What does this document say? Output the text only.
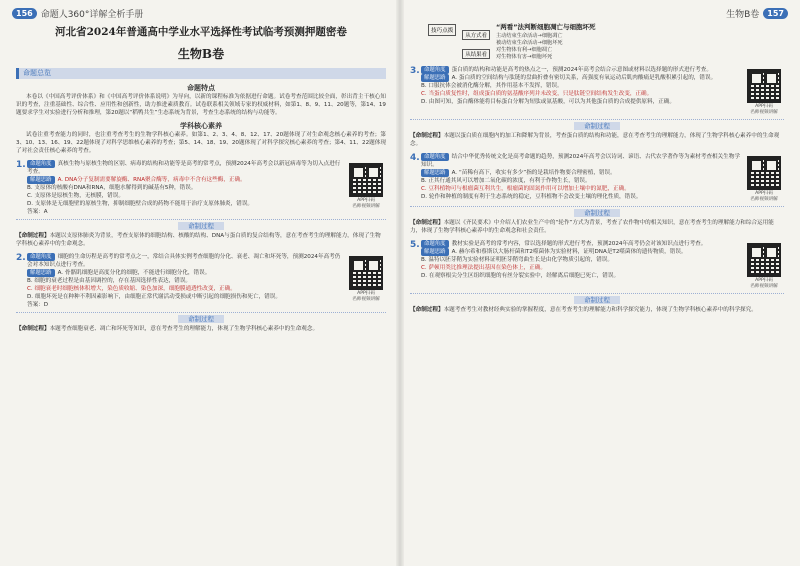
156 命题人360°详解全析手册
河北省2024年普通高中学业水平选择性考试临考预测押题密卷
生物B卷
命题总览
命题特点
本卷以《中国高考评价体系》和《中国高考评价体系说明》为导向，以新的课程标准为依据进行命题。试卷考查范围比较全面，彰出背主干核心知识的考查，注重基础性、综合性、应用性和创新性，助力推进素质教育。试卷联系相关领域专家的权威材料，如第1、8、9、11、20题等，第14、19题要求学生对实验进行分析和推理，第20题以“稻鸭共生”生态系统为背景，考查生态系统的结构与功能等。
学科核心素养
试卷注重考查能力的同时，也注重考查考生的生物学科核心素养。如第1、2、3、4、8、12、17、20题体现了对生命观念核心素养的考查；第3、10、13、16、19、22题体现了对科学思维核心素养的考查；第5、14、18、19、20题体现了对科学探究核心素养的考查；第4、11、22题体现了对社会责任核心素养的考查。
1. 命题角度 真核生物与原核生物的区别、病毒的结构和功能等是高考的常考点，预测2024年高考会以新冠病毒等为切入点进行考查。
解题思路 A. DNA分子复制需要解旋酶、RNA聚合酶等，病毒中不含有这些酶，正确。
B. 支原体的核酸有DNA和RNA，细胞水解得到的碱基有5种，错误。
C. 支原体是原核生物，无核膜，错误。
D. 支原体是无细胞壁的原核生物，抑制细胞壁合成的药物不能用于治疗支原体肺炎，错误。
答案：A
APP扫码
名师视频讲解
命制过程
【命制过程】本题以支原体肺炎为背景，考查支原体的细胞结构、核酸的结构、DNA与蛋白质的复合结构等，意在考查考生的理解能力，体现了生物学科核心素养中的生命观念。
2. 命题角度 细胞的生命历程是高考的常考点之一，常结合具体实例考查细胞的分化、衰老、凋亡和坏死等，预测2024年高考仍会对本知识点进行考查。
解题思路 A. 骨骼肌细胞是高度分化的细胞，不能进行细胞分化，错误。
B. 细胞的衰老过程是由基因调控的，存在基因选择性表达，错误。
C. 细胞衰老时细胞核体积增大，染色质收缩、染色加深，细胞膜通透性改变，正确。
D. 细胞坏死是在种种不利因素影响下，由细胞正常代谢活动受损或中断引起的细胞损伤和死亡，错误。
答案：D
APP扫码
名师视频讲解
命制过程
【命制过程】本题考查细胞衰老、凋亡和坏死等知识，意在考查考生的理解能力，体现了生物学科核心素养中的生命观念。
生物B卷	157
技巧点拨
从方式看
从结果看
“两看”法判断细胞凋亡与细胞坏死
主动结束生命活动→细胞凋亡
被动结束生命活动→细胞坏死
对生物体有利→细胞凋亡
对生物体有害→细胞坏死
3. 命题角度 蛋白质的结构和功能是高考的热点之一，预测2024年高考会结合示意图或材料以选择题的形式进行考查。
解题思路 A. 蛋白质的空间结构与肽链的盘曲折叠有密切关系，高强度有氧运动后肌肉酸痛是乳酸积累引起的，错误。
B. 口服抗体会被消化酶分解，其作用基本不发挥，错误。
C. 当蛋白质复性时，组成蛋白质的氨基酸序列并未改变，只是肽链空间结构发生改变，正确。
D. 由图可知，蛋白酶体能将目标蛋白分解为短肽或氨基酸，可以为其他蛋白质的合成提供原料，正确。
APP扫码
名师视频讲解
命制过程
【命制过程】本题以蛋白质在细胞内的加工和降解为背景，考查蛋白质的结构和功能，意在考查考生的理解能力，体现了生物学科核心素养中的生命观念。
4. 命题角度 结合中华优秀传统文化是高考命题的趋势，预测2024年高考会以诗词、谚语、古代农学著作等为素材考查相关生物学知识。
解题思路 A. “苗稀有高下，收实有多少”指的是栽培作物要合理密植，错误。
B. 正其行通其风可以增加二氧化碳的浓度，有利于作物生长，错误。
C. 豆科植物可与根瘤菌互利共生，根瘤菌的固氮作用可以增加土壤中的氮肥，正确。
D. 轮作和种植的制度有利于生态系统的稳定，豆科植物不会改变土壤的理化性质，错误。
APP扫码
名师视频讲解
命制过程
【命制过程】本题以《齐民要术》中介绍人们农业生产中的“轮作”方式为背景，考查了农作物中的相关知识，意在考查考生的理解能力和综合运用能力，体现了生物学科核心素养中的生命观念和社会责任。
5. 命题角度 教材实验是高考的常考内容，常以选择题的形式进行考查，预测2024年高考仍会对该知识点进行考查。
解题思路 A. 赫尔希和蔡斯以大肠杆菌和T2噬菌体为实验材料，证明DNA是T2噬菌体的遗传物质，错误。
B. 温特以胚芽鞘为实验材料证明胚芽鞘弯曲生长是由化学物质引起的，错误。
C. 萨顿用类比推理法提出基因在染色体上，正确。
D. 在观察根尖分生区组织细胞的有丝分裂实验中，经解离后细胞已死亡，错误。
APP扫码
名师视频讲解
命制过程
【命制过程】本题考查考生对教材经典实验的掌握程度，意在考查考生的理解能力和科学探究能力，体现了生物学科核心素养中的科学探究。
